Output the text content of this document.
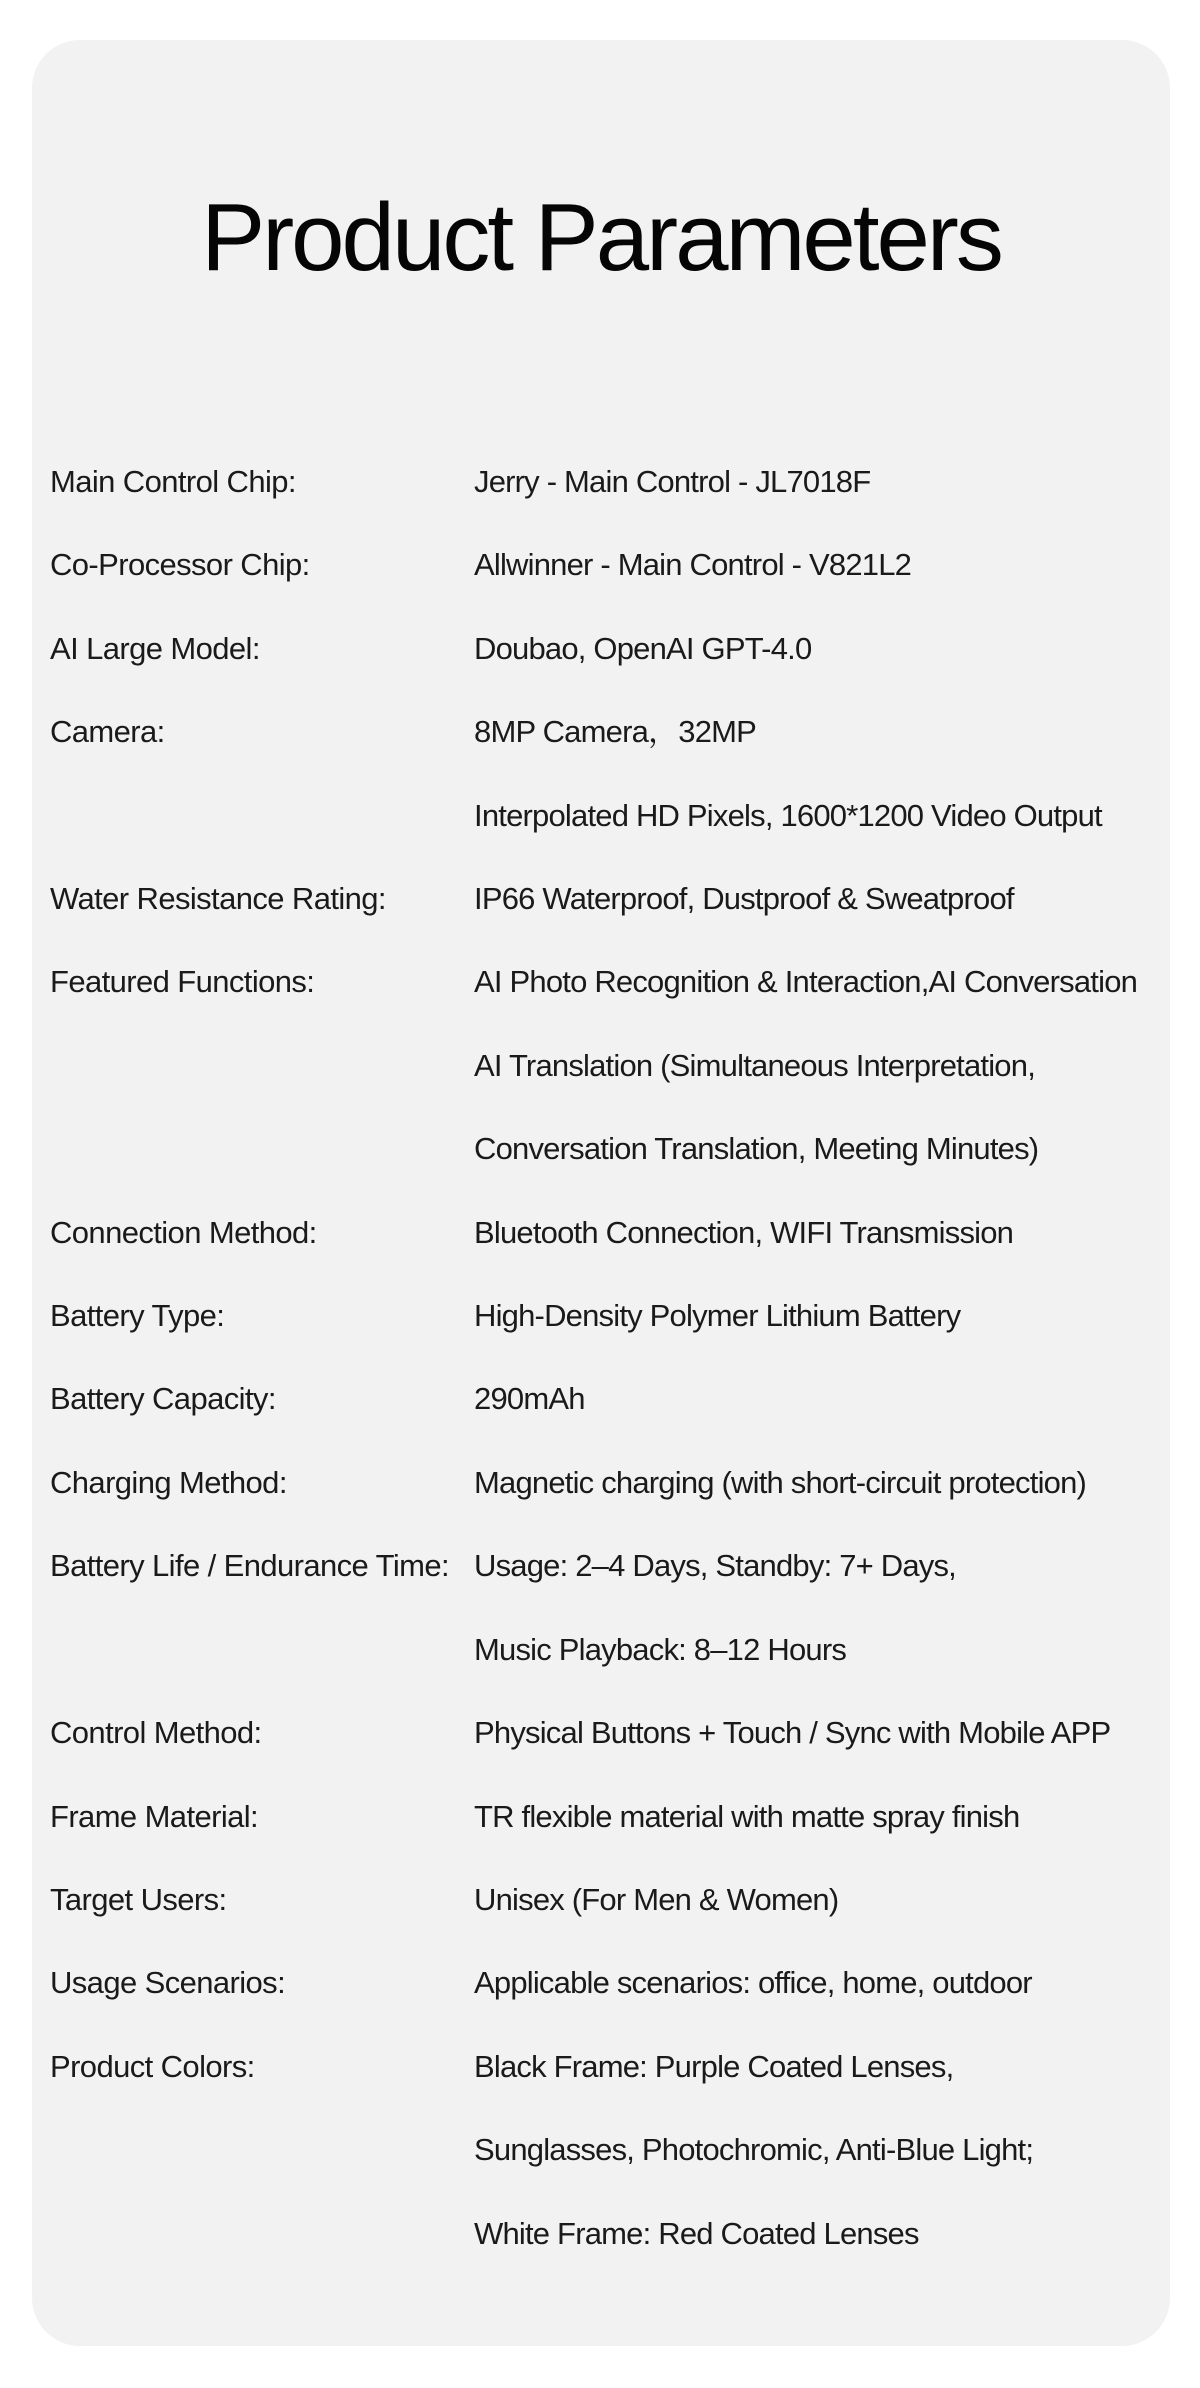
Product Parameters
Main Control Chip:	Jerry - Main Control - JL7018F
Co-Processor Chip:	Allwinner - Main Control - V821L2
AI Large Model:	Doubao, OpenAI GPT-4.0
Camera:	8MP Camera，32MP
Interpolated HD Pixels, 1600*1200 Video Output
Water Resistance Rating:	IP66 Waterproof, Dustproof & Sweatproof
Featured Functions:	AI Photo Recognition & Interaction,AI Conversation
AI Translation (Simultaneous Interpretation,
Conversation Translation, Meeting Minutes)
Connection Method:	Bluetooth Connection, WIFI Transmission
Battery Type:	High-Density Polymer Lithium Battery
Battery Capacity:	290mAh
Charging Method:	Magnetic charging (with short-circuit protection)
Battery Life / Endurance Time: Usage: 2–4 Days, Standby: 7+ Days,
Music Playback: 8–12 Hours
Control Method:	Physical Buttons + Touch / Sync with Mobile APP
Frame Material:	TR flexible material with matte spray finish
Target Users:	Unisex (For Men & Women)
Usage Scenarios:	Applicable scenarios: office, home, outdoor
Product Colors:	Black Frame: Purple Coated Lenses,
Sunglasses, Photochromic, Anti-Blue Light;
White Frame: Red Coated Lenses
